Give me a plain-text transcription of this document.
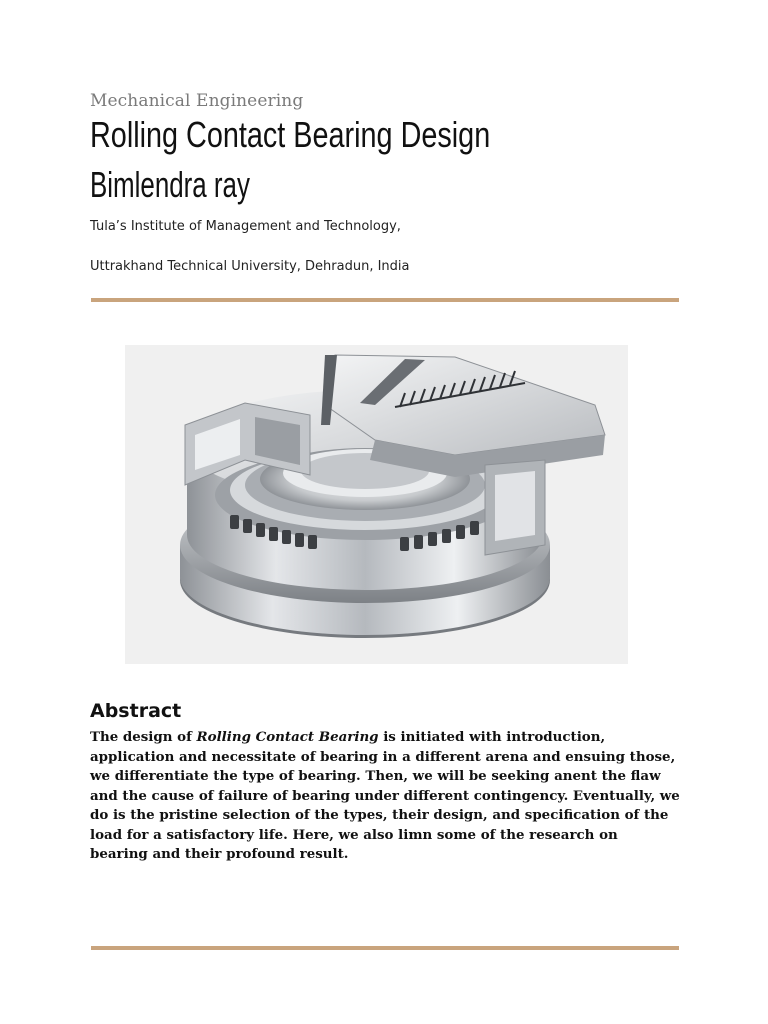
Mechanical Engineering
Rolling Contact Bearing Design
Bimlendra ray
Tula’s Institute of Management and Technology,
Uttrakhand Technical University, Dehradun, India
Abstract
The design of Rolling Contact Bearing is initiated with introduction, application and necessitate of bearing in a different arena and ensuing those, we differentiate the type of bearing. Then, we will be seeking anent the flaw and the cause of failure of bearing under different contingency. Eventually, we do is the pristine selection of the types, their design, and specification of the load for a satisfactory life. Here, we also limn some of the research on bearing and their profound result.
